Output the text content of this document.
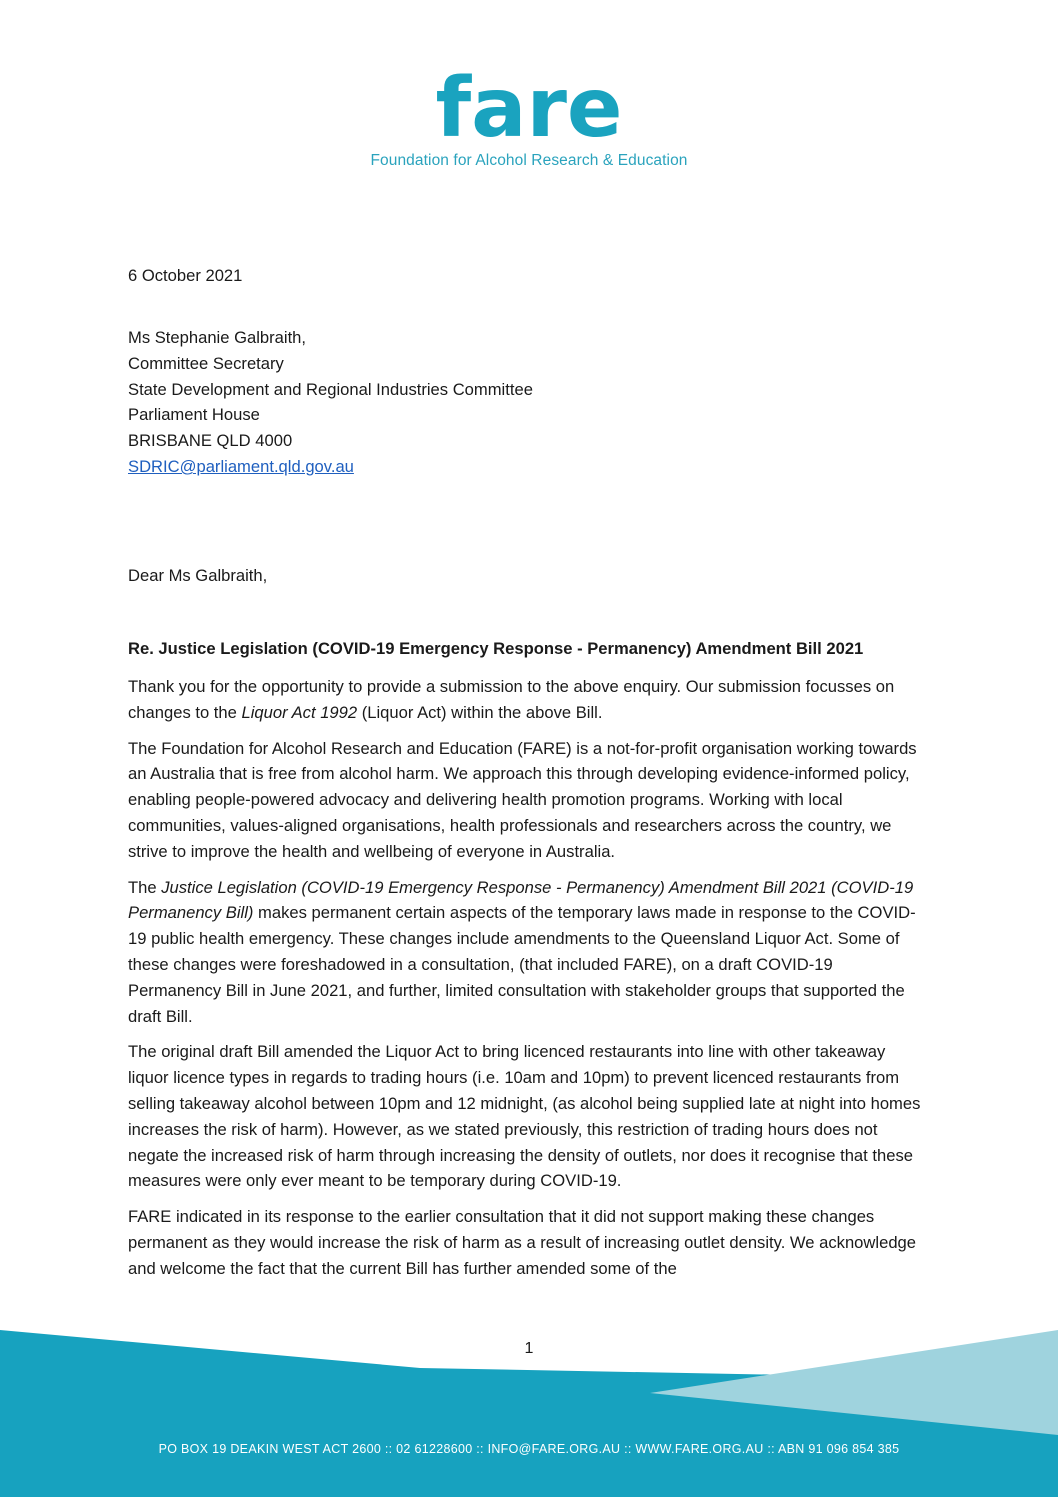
fare
Foundation for Alcohol Research & Education
6 October 2021
Ms Stephanie Galbraith,
Committee Secretary
State Development and Regional Industries Committee
Parliament House
BRISBANE QLD 4000
SDRIC@parliament.qld.gov.au
Dear Ms Galbraith,
Re. Justice Legislation (COVID-19 Emergency Response - Permanency) Amendment Bill 2021

Thank you for the opportunity to provide a submission to the above enquiry. Our submission focusses on changes to the Liquor Act 1992 (Liquor Act) within the above Bill.

The Foundation for Alcohol Research and Education (FARE) is a not-for-profit organisation working towards an Australia that is free from alcohol harm. We approach this through developing evidence-informed policy, enabling people-powered advocacy and delivering health promotion programs. Working with local communities, values-aligned organisations, health professionals and researchers across the country, we strive to improve the health and wellbeing of everyone in Australia.

The Justice Legislation (COVID-19 Emergency Response - Permanency) Amendment Bill 2021 (COVID-19 Permanency Bill) makes permanent certain aspects of the temporary laws made in response to the COVID-19 public health emergency. These changes include amendments to the Queensland Liquor Act. Some of these changes were foreshadowed in a consultation, (that included FARE), on a draft COVID-19 Permanency Bill in June 2021, and further, limited consultation with stakeholder groups that supported the draft Bill.

The original draft Bill amended the Liquor Act to bring licenced restaurants into line with other takeaway liquor licence types in regards to trading hours (i.e. 10am and 10pm) to prevent licenced restaurants from selling takeaway alcohol between 10pm and 12 midnight, (as alcohol being supplied late at night into homes increases the risk of harm). However, as we stated previously, this restriction of trading hours does not negate the increased risk of harm through increasing the density of outlets, nor does it recognise that these measures were only ever meant to be temporary during COVID-19.

FARE indicated in its response to the earlier consultation that it did not support making these changes permanent as they would increase the risk of harm as a result of increasing outlet density. We acknowledge and welcome the fact that the current Bill has further amended some of the

1
PO BOX 19 DEAKIN WEST ACT 2600 :: 02 61228600 :: INFO@FARE.ORG.AU :: WWW.FARE.ORG.AU :: ABN 91 096 854 385
